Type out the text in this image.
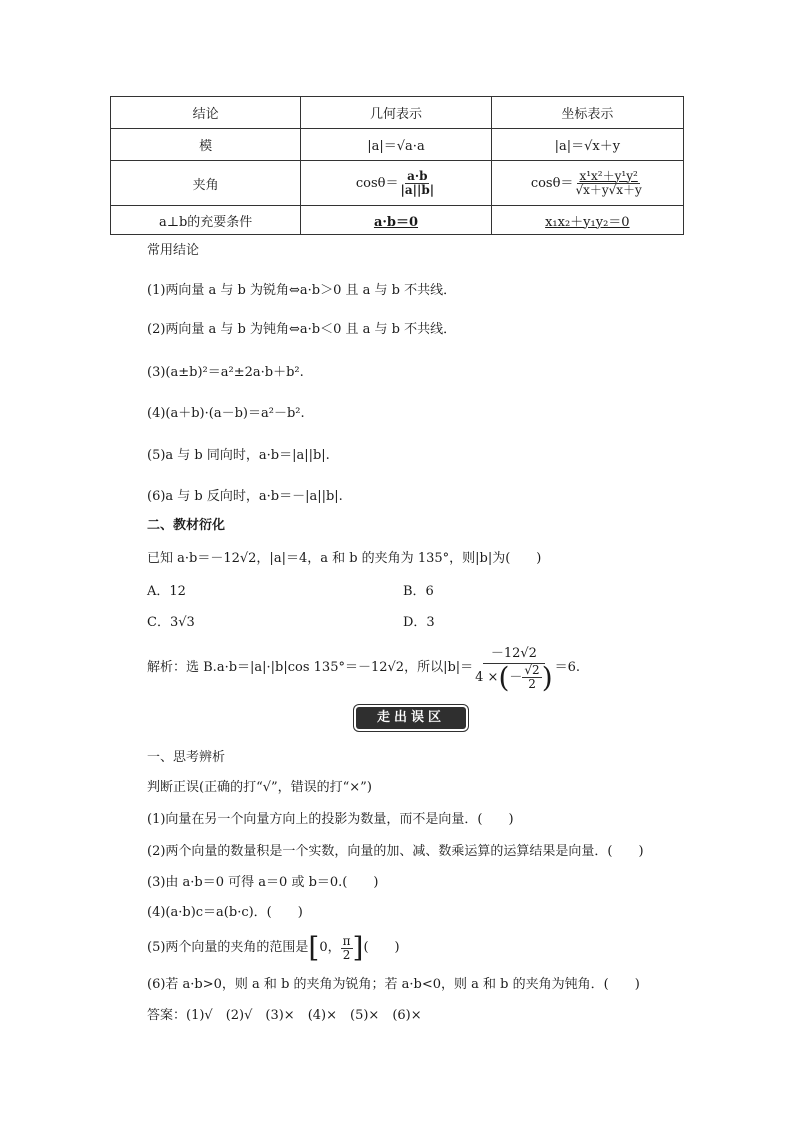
结论	几何表示	坐标表示
模	|a|＝√a·a	|a|＝√x＋y
夹角	$\cos\theta= \frac{a\cdot b}{|a||b|}$	$\cos\theta= \frac{\text{x¹x²＋y¹y²}}{√x+y√x+y}$

a⊥b的充要条件	a·b＝0	x₁x₂＋y₁y₂＝0
常用结论
(1)两向量 a 与 b 为锐角⇔a·b＞0 且 a 与 b 不共线．
(2)两向量 a 与 b 为钝角⇔a·b＜0 且 a 与 b 不共线．
(3)(a±b)²＝a²±2a·b＋b².
(4)(a＋b)·(a－b)＝a²－b².
(5)a 与 b 同向时，a·b＝|a||b|.
(6)a 与 b 反向时，a·b＝－|a||b|.
二、教材衍化
已知 a·b＝－12√2，|a|＝4，a 和 b 的夹角为 135°，则|b|为(　　)
A．12	B．6
C．3√3	D．3
解析：选 B.a·b＝|a|·|b|cos 135°＝－12√2，所以$|b|= \frac{-12√2}{4 \times ( - \frac{√2}{2} )} =6$.
走出误区
一、思考辨析
判断正误(正确的打“√”，错误的打“×”)
(1)向量在另一个向量方向上的投影为数量，而不是向量．(　　)
(2)两个向量的数量积是一个实数，向量的加、减、数乘运算的运算结果是向量．(　　)
(3)由 a·b＝0 可得 a＝0 或 b＝0.(　　)
(4)(a·b)c＝a(b·c)．(　　)
(5)两个向量的夹角的范围是 [ 0， $\frac{\pi}{2}$ ] (　　)
(6)若 a·b>0，则 a 和 b 的夹角为锐角；若 a·b<0，则 a 和 b 的夹角为钝角．(　　)
答案：(1)√　(2)√　(3)×　(4)×　(5)×　(6)×
